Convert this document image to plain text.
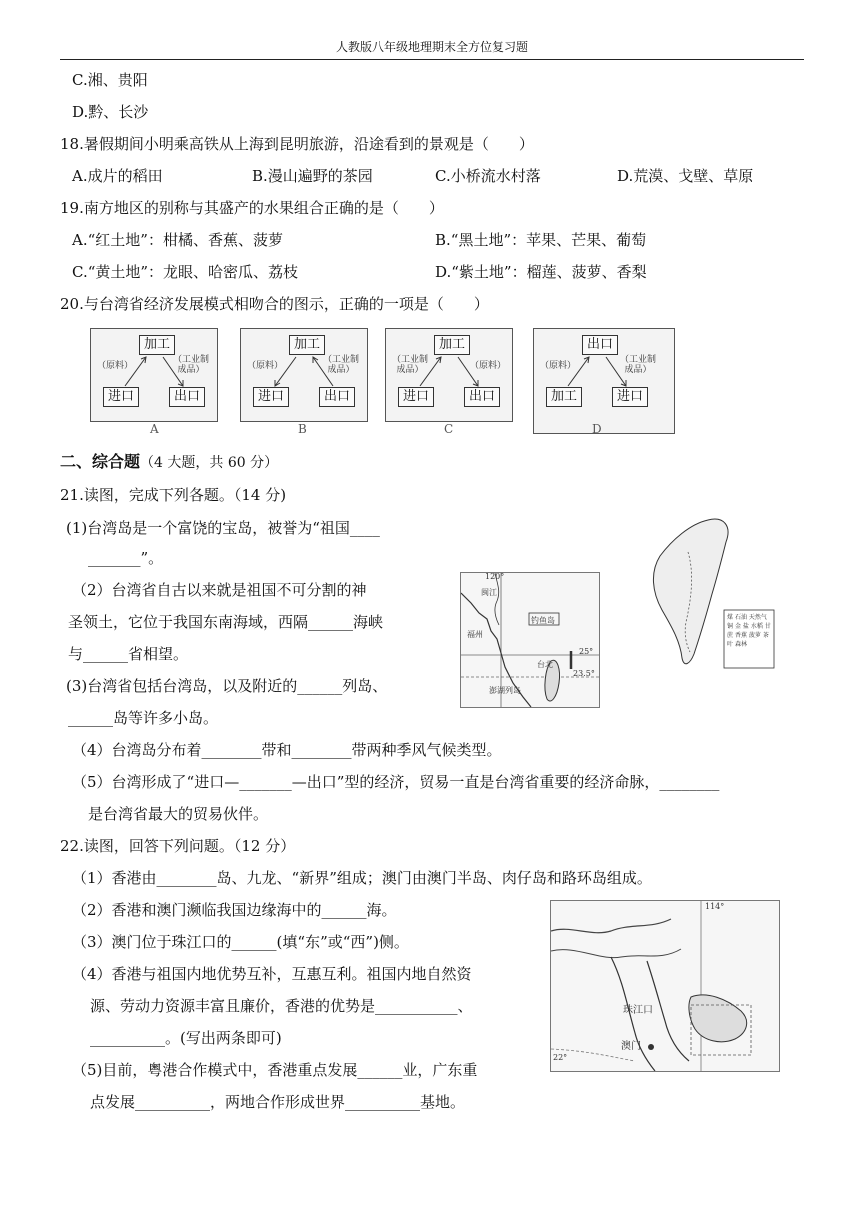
人教版八年级地理期末全方位复习题
C.湘、贵阳
D.黔、长沙
18.暑假期间小明乘高铁从上海到昆明旅游，沿途看到的景观是（　　）
A.成片的稻田	B.漫山遍野的茶园	C.小桥流水村落	D.荒漠、戈壁、草原
19.南方地区的别称与其盛产的水果组合正确的是（　　）
A.“红土地”：柑橘、香蕉、菠萝	B.“黑土地”：苹果、芒果、葡萄
C.“黄土地”：龙眼、哈密瓜、荔枝	D.“紫土地”：榴莲、菠萝、香梨
20.与台湾省经济发展模式相吻合的图示，正确的一项是（　　）
加工
进口	出口
（原料）
（工业制成品）
A
加工
进口	出口
（原料）
（工业制成品）
B
加工
进口	出口
（工业制成品）	（原料）
C
出口
加工	进口
（原料）
（工业制成品）
D
二、综合题（4 大题，共 60 分）
21.读图，完成下列各题。（14 分)
(1)台湾岛是一个富饶的宝岛，被誉为“祖国____
_______”。
（2）台湾省自古以来就是祖国不可分割的神
圣领土，它位于我国东南海域，西隔______海峡
与______省相望。
(3)台湾省包括台湾岛，以及附近的______列岛、
______岛等许多小岛。
（4）台湾岛分布着________带和________带两种季风气候类型。
（5）台湾形成了“进口—_______—出口”型的经济，贸易一直是台湾省重要的经济命脉，________
是台湾省最大的贸易伙伴。
120°
闽江
福州
钓鱼岛
台北
25°
23.5°
澎湖列岛
煤 石油 天然气 铜 金 盐 水稻 甘蔗 香蕉 菠萝 茶叶 森林
22.读图，回答下列问题。（12 分）
（1）香港由________岛、九龙、“新界”组成；澳门由澳门半岛、肉仔岛和路环岛组成。
（2）香港和澳门濒临我国边缘海中的______海。
（3）澳门位于珠江口的______(填“东”或“西”)侧。
（4）香港与祖国内地优势互补，互惠互利。祖国内地自然资
源、劳动力资源丰富且廉价，香港的优势是___________、
__________。(写出两条即可)
（5)目前，粤港合作模式中，香港重点发展______业，广东重
点发展__________，两地合作形成世界__________基地。
114°
22°
珠江口
澳门
